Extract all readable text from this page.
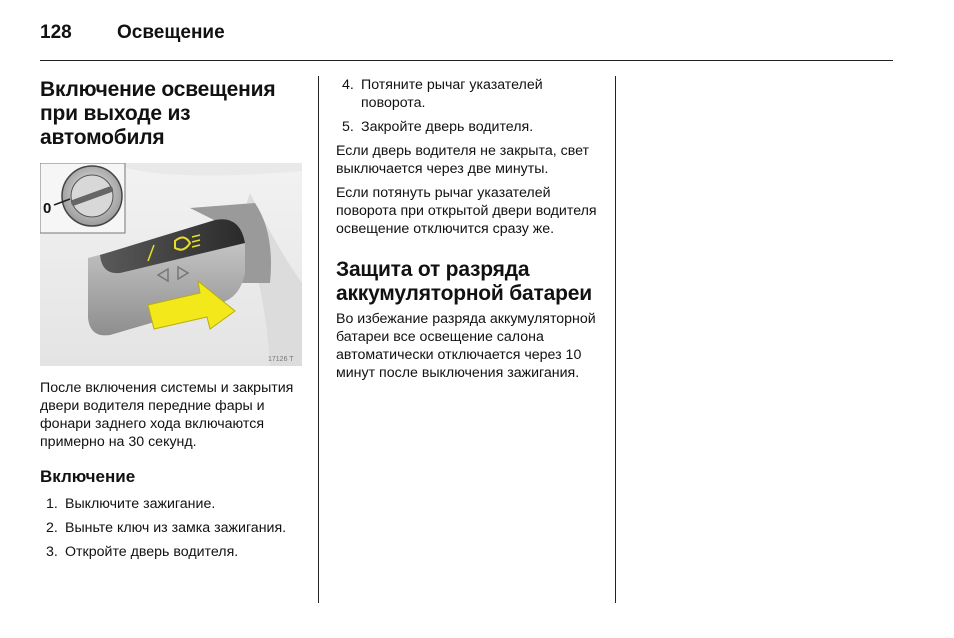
128 Освещение
Включение освещения при выходе из автомобиля
0
17126 T

После включения системы и закрытия двери водителя передние фары и фонари заднего хода включаются примерно на 30 секунд.

Включение
1. Выключите зажигание.
2. Выньте ключ из замка зажигания.
3. Откройте дверь водителя.
4. Потяните рычаг указателей поворота.
5. Закройте дверь водителя.

Если дверь водителя не закрыта, свет выключается через две минуты.

Если потянуть рычаг указателей поворота при открытой двери водителя освещение отключится сразу же.

Защита от разряда аккумуляторной батареи

Во избежание разряда аккумуляторной батареи все освещение салона автоматически отключается через 10 минут после выключения зажигания.
